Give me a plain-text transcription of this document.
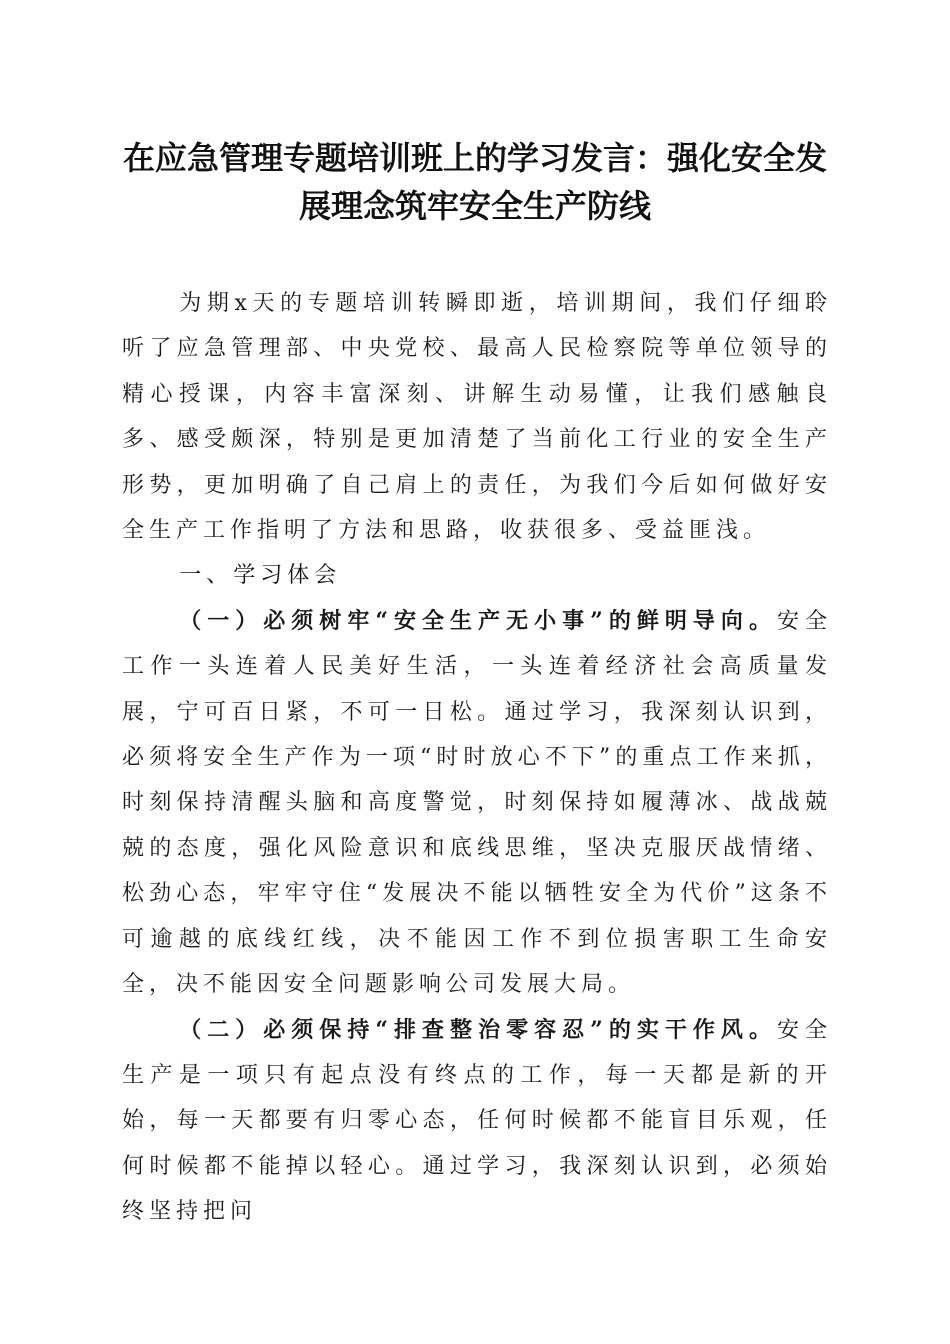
在应急管理专题培训班上的学习发言：强化安全发展理念筑牢安全生产防线

为期x天的专题培训转瞬即逝，培训期间，我们仔细聆听了应急管理部、中央党校、最高人民检察院等单位领导的精心授课，内容丰富深刻、讲解生动易懂，让我们感触良多、感受颇深，特别是更加清楚了当前化工行业的安全生产形势，更加明确了自己肩上的责任，为我们今后如何做好安全生产工作指明了方法和思路，收获很多、受益匪浅。

一、学习体会

（一）必须树牢“安全生产无小事”的鲜明导向。安全工作一头连着人民美好生活，一头连着经济社会高质量发展，宁可百日紧，不可一日松。通过学习，我深刻认识到，必须将安全生产作为一项“时时放心不下”的重点工作来抓，时刻保持清醒头脑和高度警觉，时刻保持如履薄冰、战战兢兢的态度，强化风险意识和底线思维，坚决克服厌战情绪、松劲心态，牢牢守住“发展决不能以牺牲安全为代价”这条不可逾越的底线红线，决不能因工作不到位损害职工生命安全，决不能因安全问题影响公司发展大局。

（二）必须保持“排查整治零容忍”的实干作风。安全生产是一项只有起点没有终点的工作，每一天都是新的开始，每一天都要有归零心态，任何时候都不能盲目乐观，任何时候都不能掉以轻心。通过学习，我深刻认识到，必须始终坚持把问
